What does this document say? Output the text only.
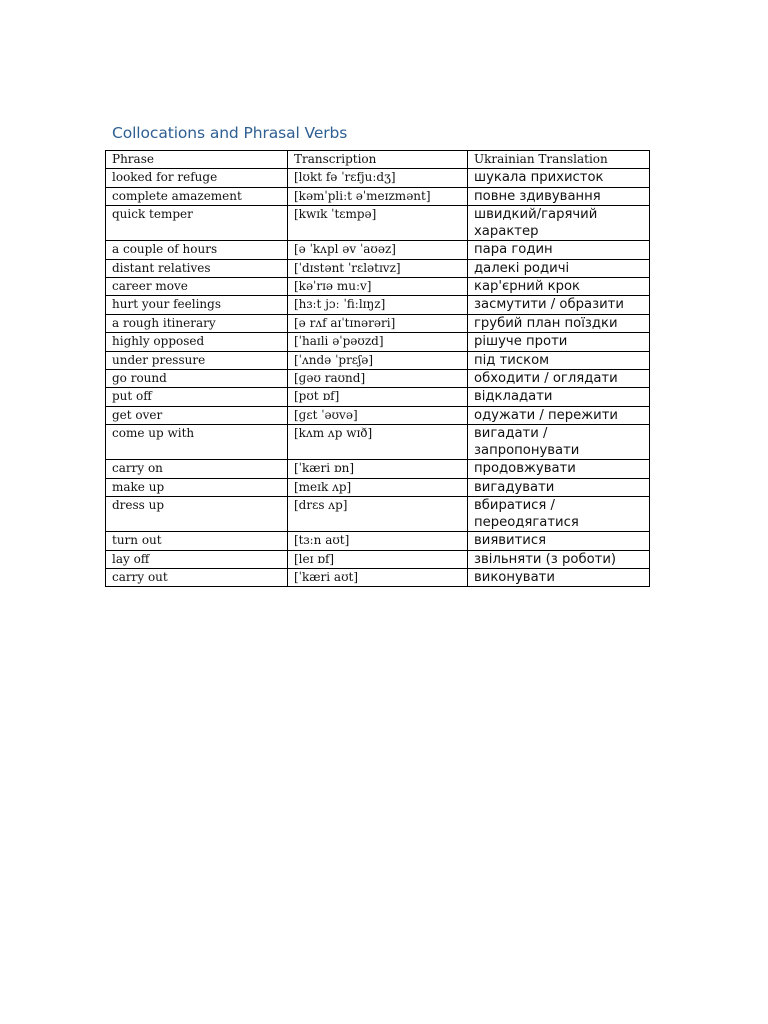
Collocations and Phrasal Verbs
Phrase	Transcription	Ukrainian Translation
looked for refuge	[lʊkt fə ˈrɛfjuːdʒ]	шукала прихисток
complete amazement	[kəmˈpliːt əˈmeɪzmənt]	повне здивування
quick temper	[kwɪk ˈtɛmpə]	швидкий/гарячий характер
a couple of hours	[ə ˈkʌpl əv ˈaʊəz]	пара годин
distant relatives	[ˈdɪstənt ˈrɛlətɪvz]	далекі родичі
career move	[kəˈrɪə muːv]	кар'єрний крок
hurt your feelings	[hɜːt jɔː ˈfiːlɪŋz]	засмутити / образити
a rough itinerary	[ə rʌf aɪˈtɪnərəri]	грубий план поїздки
highly opposed	[ˈhaɪli əˈpəʊzd]	рішуче проти
under pressure	[ˈʌndə ˈprɛʃə]	під тиском
go round	[ɡəʊ raʊnd]	обходити / оглядати
put off	[pʊt ɒf]	відкладати
get over	[ɡɛt ˈəʊvə]	одужати / пережити
come up with	[kʌm ʌp wɪð]	вигадати / запропонувати
carry on	[ˈkæri ɒn]	продовжувати
make up	[meɪk ʌp]	вигадувати
dress up	[drɛs ʌp]	вбиратися / переодягатися
turn out	[tɜːn aʊt]	виявитися
lay off	[leɪ ɒf]	звільняти (з роботи)
carry out	[ˈkæri aʊt]	виконувати
